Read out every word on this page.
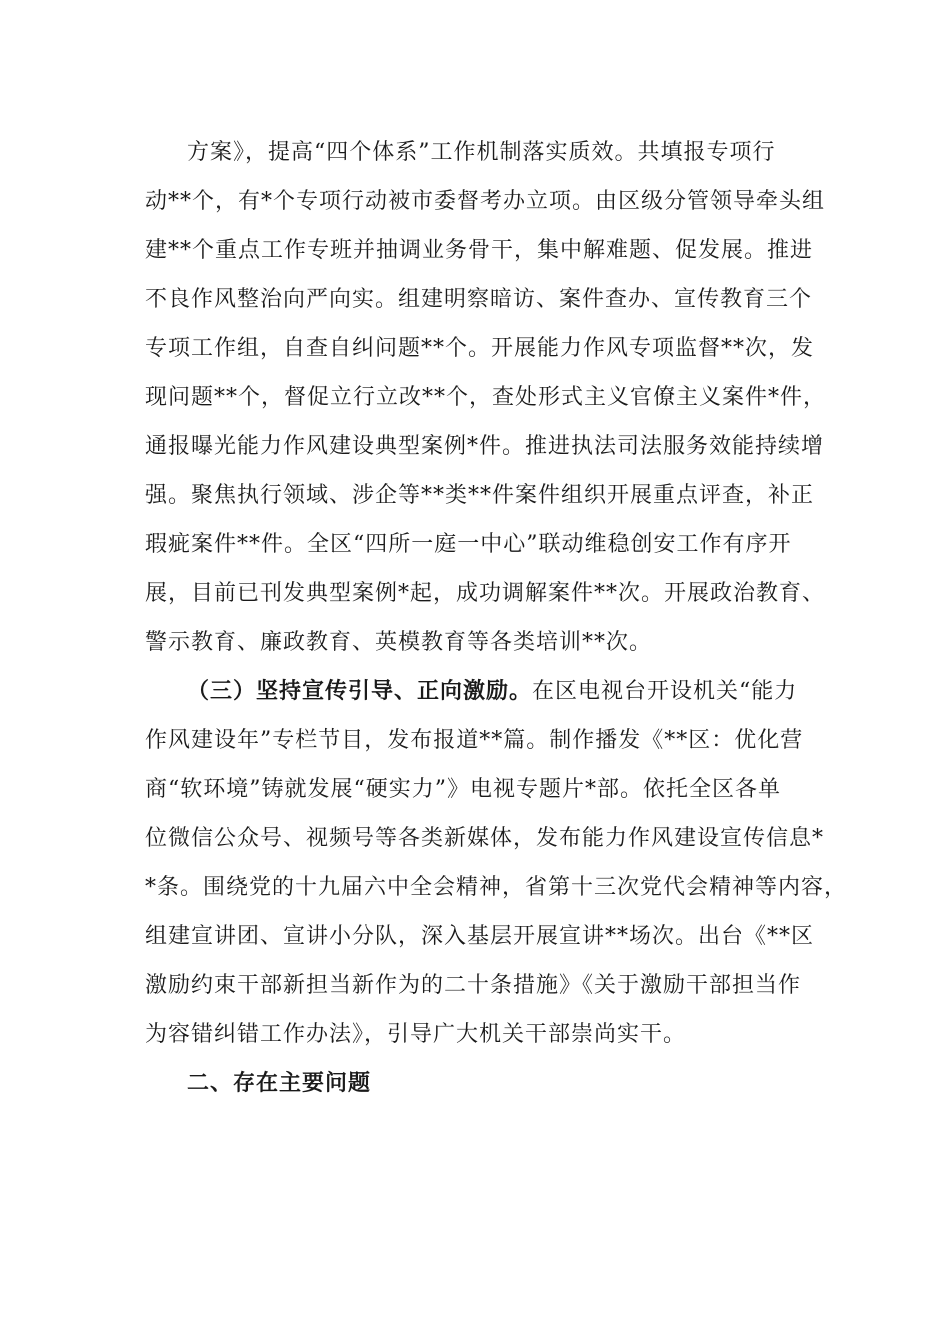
方案》，提高“四个体系”工作机制落实质效。共填报专项行
动**个，有*个专项行动被市委督考办立项。由区级分管领导牵头组
建**个重点工作专班并抽调业务骨干，集中解难题、促发展。推进
不良作风整治向严向实。组建明察暗访、案件查办、宣传教育三个
专项工作组，自查自纠问题**个。开展能力作风专项监督**次，发
现问题**个，督促立行立改**个，查处形式主义官僚主义案件*件，
通报曝光能力作风建设典型案例*件。推进执法司法服务效能持续增
强。聚焦执行领域、涉企等**类**件案件组织开展重点评查，补正
瑕疵案件**件。全区“四所一庭一中心”联动维稳创安工作有序开
展，目前已刊发典型案例*起，成功调解案件**次。开展政治教育、
警示教育、廉政教育、英模教育等各类培训**次。
（三）坚持宣传引导、正向激励。在区电视台开设机关“能力
作风建设年”专栏节目，发布报道**篇。制作播发《**区：优化营
商“软环境”铸就发展“硬实力”》电视专题片*部。依托全区各单
位微信公众号、视频号等各类新媒体，发布能力作风建设宣传信息*
*条。围绕党的十九届六中全会精神，省第十三次党代会精神等内容，
组建宣讲团、宣讲小分队，深入基层开展宣讲**场次。出台《**区
激励约束干部新担当新作为的二十条措施》《关于激励干部担当作
为容错纠错工作办法》，引导广大机关干部崇尚实干。
二、存在主要问题
